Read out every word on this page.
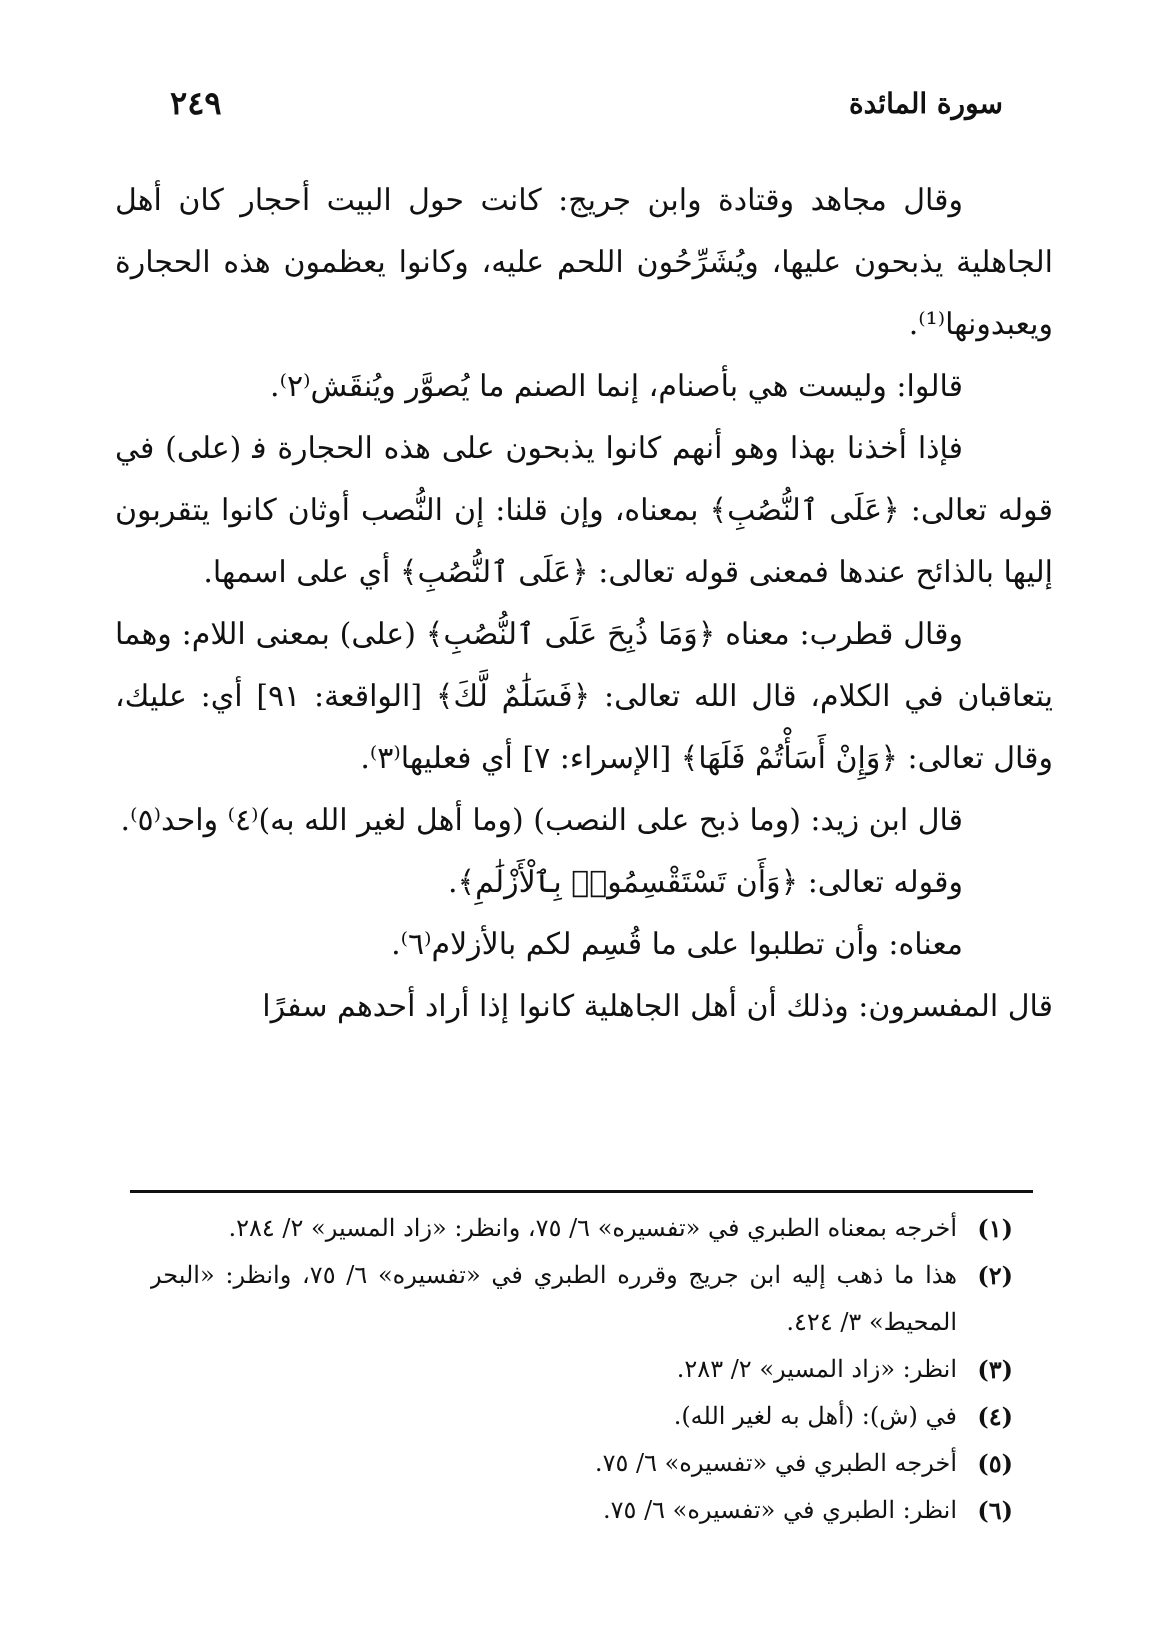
سورة المائدة
٢٤٩

وقال مجاهد وقتادة وابن جريج: كانت حول البيت أحجار كان أهل الجاهلية يذبحون عليها، ويُشَرِّحُون اللحم عليه، وكانوا يعظمون هذه الحجارة ويعبدونها⁽¹⁾.

قالوا: وليست هي بأصنام، إنما الصنم ما يُصوَّر ويُنقَش⁽٢⁾.

فإذا أخذنا بهذا وهو أنهم كانوا يذبحون على هذه الحجارة ﻓ (على) في قوله تعالى: ﴿عَلَى ٱلنُّصُبِ﴾ بمعناه، وإن قلنا: إن النُّصب أوثان كانوا يتقربون إليها بالذائح عندها فمعنى قوله تعالى: ﴿عَلَى ٱلنُّصُبِ﴾ أي على اسمها.

وقال قطرب: معناه ﴿وَمَا ذُبِحَ عَلَى ٱلنُّصُبِ﴾ (على) بمعنى اللام: وهما يتعاقبان في الكلام، قال الله تعالى: ﴿فَسَلَٰمٌ لَّكَ﴾ [الواقعة: ٩١] أي: عليك، وقال تعالى: ﴿وَإِنْ أَسَأْتُمْ فَلَهَا﴾ [الإسراء: ٧] أي فعليها⁽٣⁾.

قال ابن زيد: (وما ذبح على النصب) (وما أهل لغير الله به)⁽٤⁾ واحد⁽٥⁾.

وقوله تعالى: ﴿وَأَن تَسْتَقْسِمُوا۟ بِٱلْأَزْلَٰمِ﴾.

معناه: وأن تطلبوا على ما قُسِم لكم بالأزلام⁽٦⁾.

قال المفسرون: وذلك أن أهل الجاهلية كانوا إذا أراد أحدهم سفرًا

(١)
أخرجه بمعناه الطبري في «تفسيره» ٦/ ٧٥، وانظر: «زاد المسير» ٢/ ٢٨٤.

(٢)
هذا ما ذهب إليه ابن جريج وقرره الطبري في «تفسيره» ٦/ ٧٥، وانظر: «البحر المحيط» ٣/ ٤٢٤.

(٣)
انظر: «زاد المسير» ٢/ ٢٨٣.

(٤)
في (ش): (أهل به لغير الله).

(٥)
أخرجه الطبري في «تفسيره» ٦/ ٧٥.

(٦)
انظر: الطبري في «تفسيره» ٦/ ٧٥.
